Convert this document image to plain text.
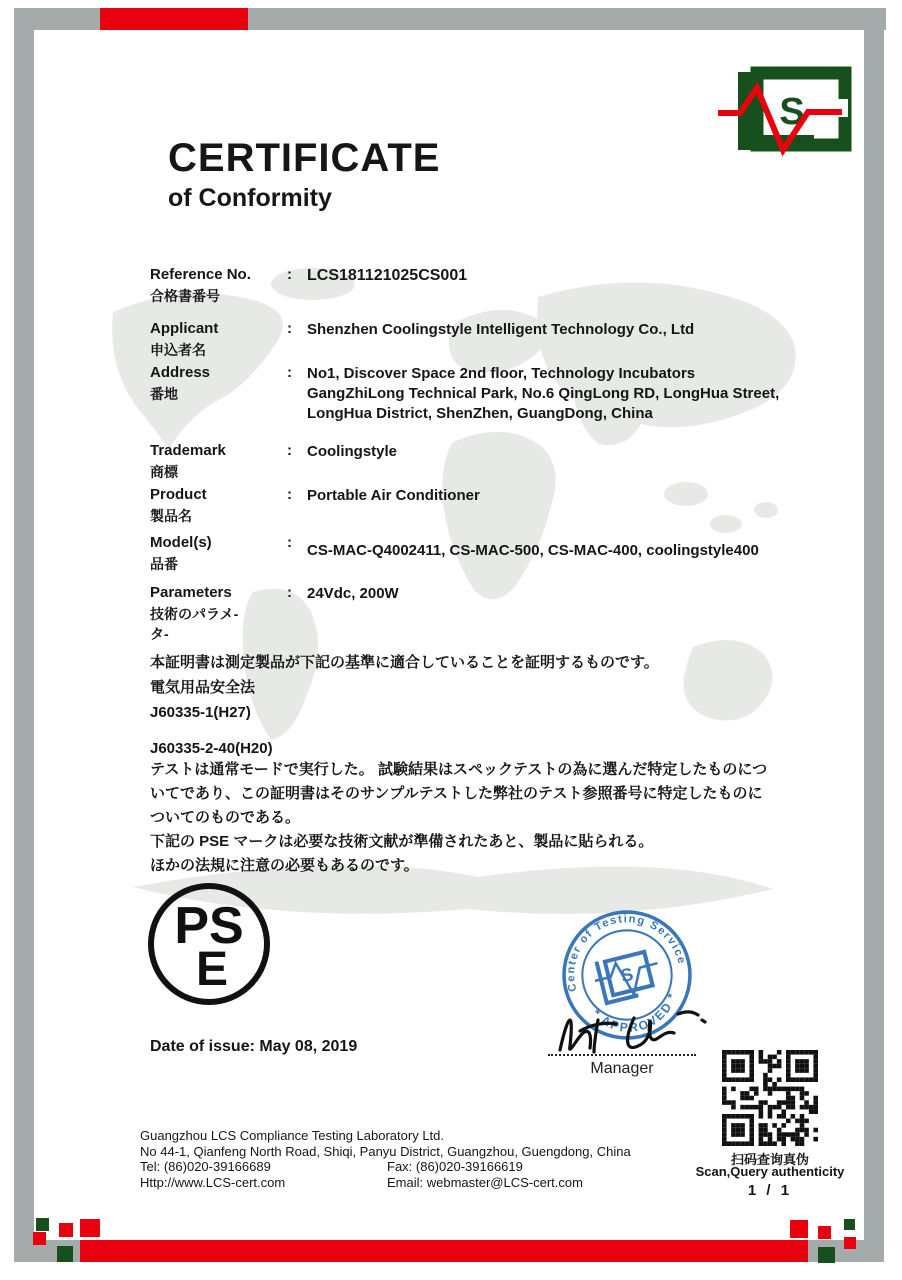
S
CERTIFICATE
of Conformity
Reference No.
合格書番号
: LCS181121025CS001
Applicant
申込者名
: Shenzhen Coolingstyle Intelligent Technology Co., Ltd
Address
番地
: No1, Discover Space 2nd floor, Technology Incubators
GangZhiLong Technical Park, No.6 QingLong RD, LongHua Street,
LongHua District, ShenZhen, GuangDong, China
Trademark
商標
: Coolingstyle
Product
製品名
: Portable Air Conditioner
Model(s)
品番
: CS-MAC-Q4002411, CS-MAC-500, CS-MAC-400, coolingstyle400
Parameters
技術のパラメ-
タ-
: 24Vdc, 200W
本証明書は測定製品が下記の基準に適合していることを証明するものです。
電気用品安全法
J60335-1(H27)
J60335-2-40(H20)
テストは通常モードで実行した。 試験結果はスペックテストの為に選んだ特定したものにつ
いてであり、この証明書はそのサンプルテストした弊社のテスト参照番号に特定したものに
ついてのものである。
下記の PSE マークは必要な技術文献が準備されたあと、製品に貼られる。
ほかの法規に注意の必要もあるのです。
PS
E	Center of Testing Service
* APPROVED *
S
Manager
Date of issue: May 08, 2019
Guangzhou LCS Compliance Testing Laboratory Ltd.
No 44-1, Qianfeng North Road, Shiqi, Panyu District, Guangzhou, Guengdong, China
Tel: (86)020-39166689	Fax: (86)020-39166619
Http://www.LCS-cert.com	Email: webmaster@LCS-cert.com
扫码查询真伪
Scan,Query authenticity
1 / 1
